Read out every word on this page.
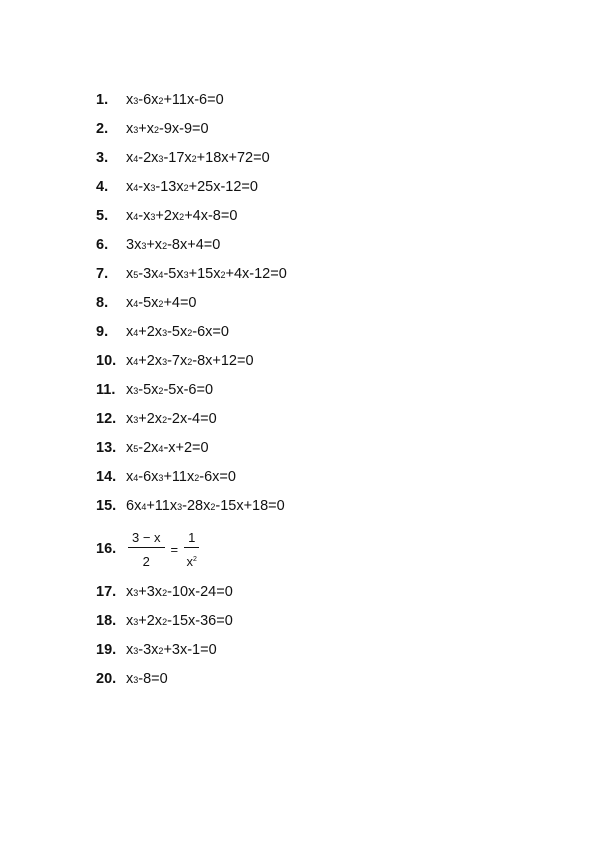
1.	x 3 -6x 2 +11x-6=0
2.	x 3 +x 2 -9x-9=0
3.	x 4 -2x 3 -17x 2 +18x+72=0
4.	x 4 -x 3 -13x 2 +25x-12=0
5.	x 4 -x 3 +2x 2 +4x-8=0
6.	3x 3 +x 2 -8x+4=0
7.	x 5 -3x 4 -5x 3 +15x 2 +4x-12=0
8.	x 4 -5x 2 +4=0
9.	x 4 +2x 3 -5x 2 -6x=0
10. x 4 +2x 3 -7x 2 -8x+12=0
11. x 3 -5x 2 -5x-6=0
12. x 3 +2x 2 -2x-4=0
13. x 5 -2x 4 -x+2=0
14. x 4 -6x 3 +11x 2 -6x=0
15. 6x 4 +11x 3 -28x 2 -15x+18=0
16. $\frac{3 - x}{2} = \frac{1}{x^2}$
17. x 3 +3x 2 -10x-24=0
18. x 3 +2x 2 -15x-36=0
19. x 3 -3x 2 +3x-1=0
20. x 3 -8=0
